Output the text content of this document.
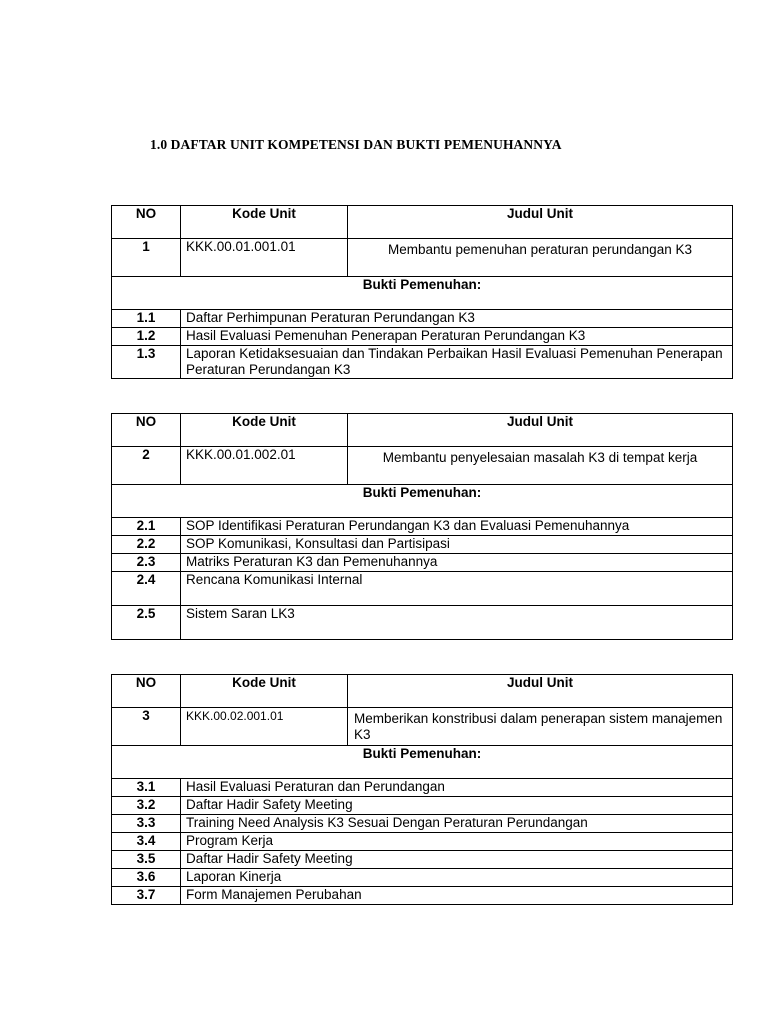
1.0 DAFTAR UNIT KOMPETENSI DAN BUKTI PEMENUHANNYA
NO	Kode Unit	Judul Unit
1	KKK.00.01.001.01	Membantu pemenuhan peraturan perundangan K3
Bukti Pemenuhan:		
1.1	Daftar Perhimpunan Peraturan Perundangan K3	
1.2	Hasil Evaluasi Pemenuhan Penerapan Peraturan Perundangan K3	
1.3	Laporan Ketidaksesuaian dan Tindakan Perbaikan Hasil Evaluasi Pemenuhan Penerapan Peraturan Perundangan K3	
NO	Kode Unit	Judul Unit
2	KKK.00.01.002.01	Membantu penyelesaian masalah K3 di tempat kerja
Bukti Pemenuhan:		
2.1	SOP Identifikasi Peraturan Perundangan K3 dan Evaluasi Pemenuhannya	
2.2	SOP Komunikasi, Konsultasi dan Partisipasi	
2.3	Matriks Peraturan K3 dan Pemenuhannya	
2.4	Rencana Komunikasi Internal	
2.5	Sistem Saran LK3	
NO	Kode Unit	Judul Unit
3	KKK.00.02.001.01	Memberikan konstribusi dalam penerapan sistem manajemen K3
Bukti Pemenuhan:		
3.1	Hasil Evaluasi Peraturan dan Perundangan	
3.2	Daftar Hadir Safety Meeting	
3.3	Training Need Analysis K3 Sesuai Dengan Peraturan Perundangan	
3.4	Program Kerja	
3.5	Daftar Hadir Safety Meeting	
3.6	Laporan Kinerja	
3.7	Form Manajemen Perubahan	
